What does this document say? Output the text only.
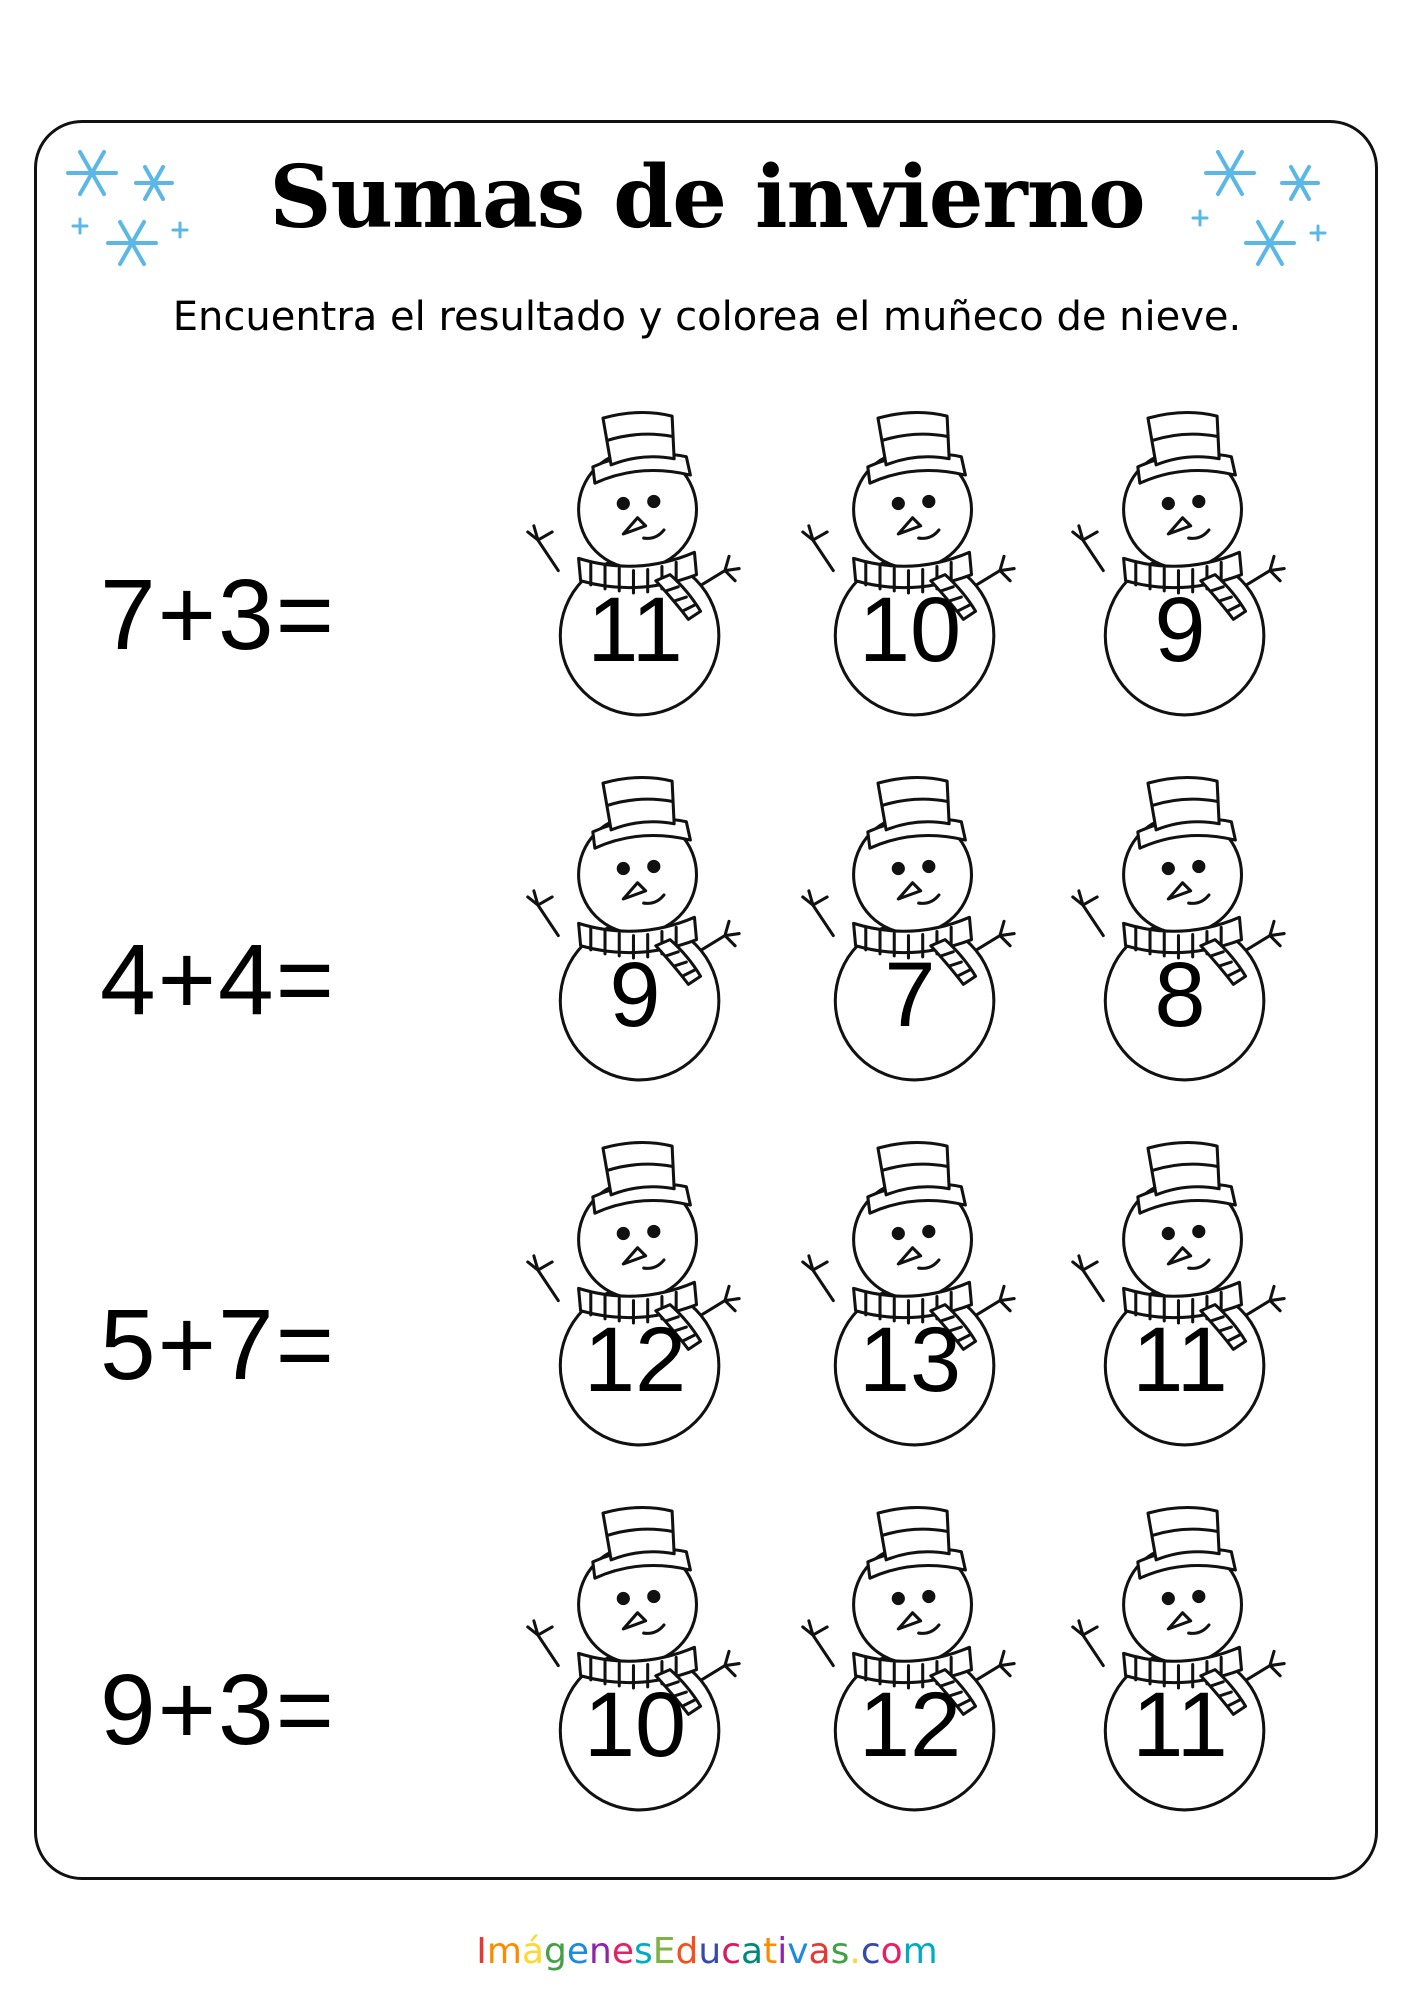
Sumas de invierno
Encuentra el resultado y colorea el muñeco de nieve.
7+3=	11	10	9
4+4=	9	7	8
5+7=	12	13	11
9+3=	10	12	11
ImágenesEducativas.com
